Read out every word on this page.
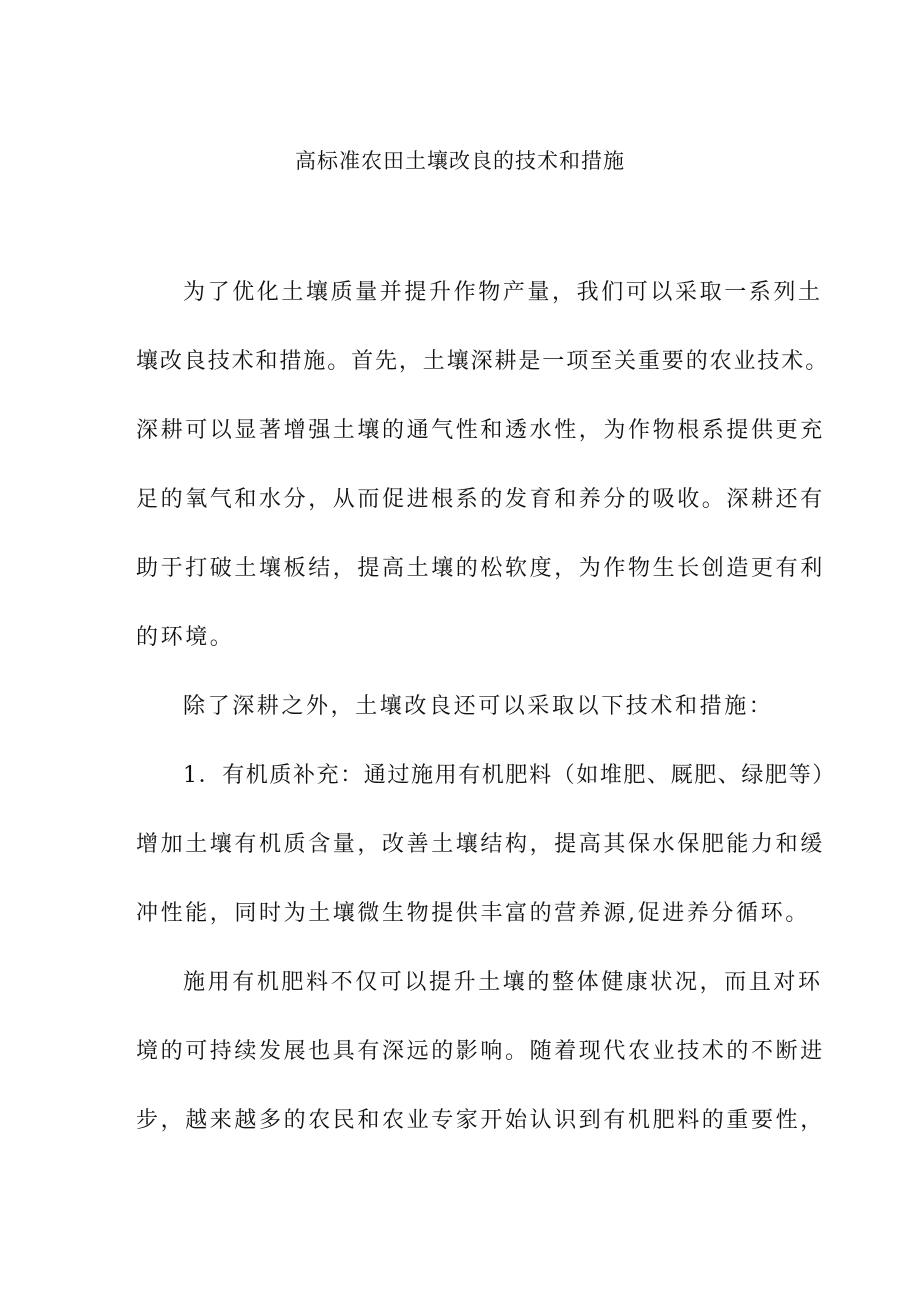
高标准农田土壤改良的技术和措施
为了优化土壤质量并提升作物产量，我们可以采取一系列土
壤改良技术和措施。首先，土壤深耕是一项至关重要的农业技术。
深耕可以显著增强土壤的通气性和透水性，为作物根系提供更充
足的氧气和水分，从而促进根系的发育和养分的吸收。深耕还有
助于打破土壤板结，提高土壤的松软度，为作物生长创造更有利
的环境。
除了深耕之外，土壤改良还可以采取以下技术和措施：
1．有机质补充：通过施用有机肥料（如堆肥、厩肥、绿肥等）
增加土壤有机质含量，改善土壤结构，提高其保水保肥能力和缓
冲性能，同时为土壤微生物提供丰富的营养源,促进养分循环。
施用有机肥料不仅可以提升土壤的整体健康状况，而且对环
境的可持续发展也具有深远的影响。随着现代农业技术的不断进
步，越来越多的农民和农业专家开始认识到有机肥料的重要性，
